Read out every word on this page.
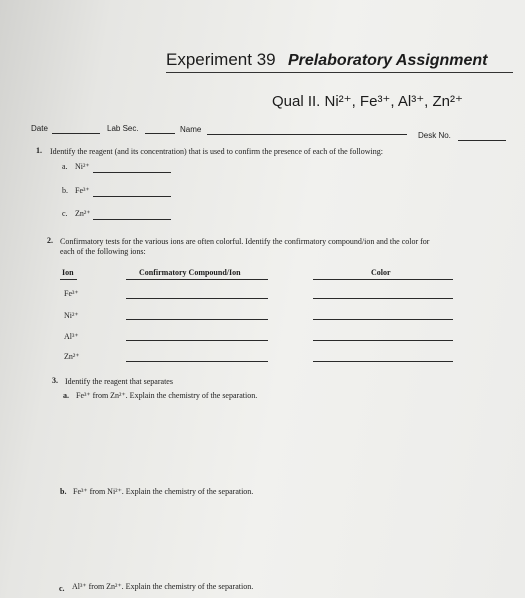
Experiment 39 Prelaboratory Assignment
Qual II. Ni²⁺, Fe³⁺, Al³⁺, Zn²⁺
Date	Lab Sec.	Name
Desk No.
1. Identify the reagent (and its concentration) that is used to confirm the presence of each of the following:
a. Ni²⁺
b. Fe³⁺
c. Zn²⁺
2. Confirmatory tests for the various ions are often colorful. Identify the confirmatory compound/ion and the color for
each of the following ions:
Ion	Confirmatory Compound/Ion	Color
Fe³⁺
Ni²⁺
Al³⁺
Zn²⁺
3. Identify the reagent that separates
a. Fe³⁺ from Zn²⁺. Explain the chemistry of the separation.
b. Fe³⁺ from Ni²⁺. Explain the chemistry of the separation.
c. Al³⁺ from Zn²⁺. Explain the chemistry of the separation.
